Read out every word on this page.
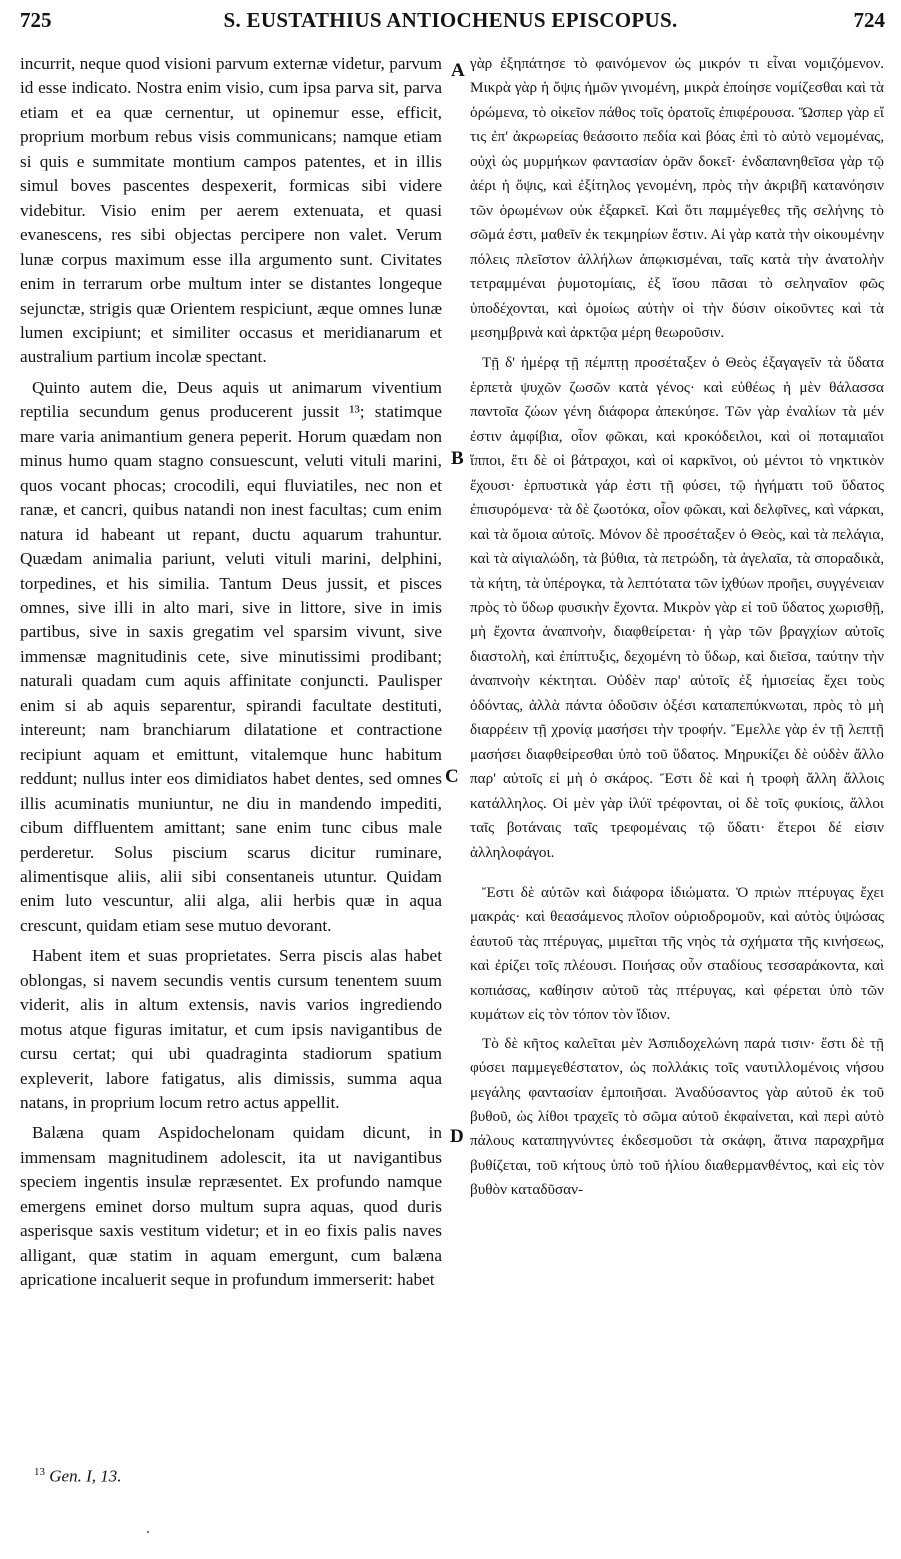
725	S. EUSTATHIUS ANTIOCHENUS EPISCOPUS.	724

incurrit, neque quod visioni parvum externæ videtur, parvum id esse indicato. Nostra enim visio, cum ipsa parva sit, parva etiam et ea quæ cernentur, ut opinemur esse, efficit, proprium morbum rebus visis communicans; namque etiam si quis e summitate montium campos patentes, et in illis simul boves pascentes despexerit, formicas sibi videre videbitur. Visio enim per aerem extenuata, et quasi evanescens, res sibi objectas percipere non valet. Verum lunæ corpus maximum esse illa argumento sunt. Civitates enim in terrarum orbe multum inter se distantes longeque sejunctæ, strigis quæ Orientem respiciunt, æque omnes lunæ lumen excipiunt; et similiter occasus et meridianarum et australium partium incolæ spectant.

Quinto autem die, Deus aquis ut animarum viventium reptilia secundum genus producerent jussit ¹³; statimque mare varia animantium genera peperit. Horum quædam non minus humo quam stagno consuescunt, veluti vituli marini, quos vocant phocas; crocodili, equi fluviatiles, nec non et ranæ, et cancri, quibus natandi non inest facultas; cum enim natura id habeant ut repant, ductu aquarum trahuntur. Quædam animalia pariunt, veluti vituli marini, delphini, torpedines, et his similia. Tantum Deus jussit, et pisces omnes, sive illi in alto mari, sive in littore, sive in imis partibus, sive in saxis gregatim vel sparsim vivunt, sive immensæ magnitudinis cete, sive minutissimi prodibant; naturali quadam cum aquis affinitate conjuncti. Paulisper enim si ab aquis separentur, spirandi facultate destituti, intereunt; nam branchiarum dilatatione et contractione recipiunt aquam et emittunt, vitalemque hunc habitum reddunt; nullus inter eos dimidiatos habet dentes, sed omnes illis acuminatis muniuntur, ne diu in mandendo impediti, cibum diffluentem amittant; sane enim tunc cibus male perderetur. Solus piscium scarus dicitur ruminare, alimentisque aliis, alii sibi consentaneis utuntur. Quidam enim luto vescuntur, alii alga, alii herbis quæ in aqua crescunt, quidam etiam sese mutuo devorant.

Habent item et suas proprietates. Serra piscis alas habet oblongas, si navem secundis ventis cursum tenentem suum viderit, alis in altum extensis, navis varios ingrediendo motus atque figuras imitatur, et cum ipsis navigantibus de cursu certat; qui ubi quadraginta stadiorum spatium expleverit, labore fatigatus, alis dimissis, summa aqua natans, in proprium locum retro actus appellit.

Balæna quam Aspidochelonam quidam dicunt, in immensam magnitudinem adolescit, ita ut navigantibus speciem ingentis insulæ repræsentet. Ex profundo namque emergens eminet dorso multum supra aquas, quod duris asperisque saxis vestitum videtur; et in eo fixis palis naves alligant, quæ statim in aquam emergunt, cum balæna apricatione incaluerit seque in profundum immerserit: habet

A
B
C
D

γὰρ ἐξηπάτησε τὸ φαινόμενον ὡς μικρόν τι εἶναι νομιζόμενον. Μικρὰ γὰρ ἡ ὄψις ἡμῶν γινομένη, μικρὰ ἐποίησε νομίζεσθαι καὶ τὰ ὁρώμενα, τὸ οἰκεῖον πάθος τοῖς ὁρατοῖς ἐπιφέρουσα. Ὥσπερ γὰρ εἴ τις ἐπ' ἀκρωρείας θεάσοιτο πεδία καὶ βόας ἐπὶ τὸ αὐτὸ νεμομένας, οὐχὶ ὡς μυρμήκων φαντασίαν ὁρᾶν δοκεῖ· ἐνδαπανηθεῖσα γὰρ τῷ ἀέρι ἡ ὄψις, καὶ ἐξίτηλος γενομένη, πρὸς τὴν ἀκριβῆ κατανόησιν τῶν ὁρωμένων οὐκ ἐξαρκεῖ. Καὶ ὅτι παμμέγεθες τῆς σελήνης τὸ σῶμά ἐστι, μαθεῖν ἐκ τεκμηρίων ἔστιν. Αἱ γὰρ κατὰ τὴν οἰκουμένην πόλεις πλεῖστον ἀλλήλων ἀπῳκισμέναι, ταῖς κατὰ τὴν ἀνατολὴν τετραμμέναι ῥυμοτομίαις, ἐξ ἴσου πᾶσαι τὸ σεληναῖον φῶς ὑποδέχονται, καὶ ὁμοίως αὐτὴν οἱ τὴν δύσιν οἰκοῦντες καὶ τὰ μεσημβρινὰ καὶ ἀρκτῷα μέρη θεωροῦσιν.

Τῇ δ' ἡμέρᾳ τῇ πέμπτῃ προσέταξεν ὁ Θεὸς ἐξαγαγεῖν τὰ ὕδατα ἑρπετὰ ψυχῶν ζωσῶν κατὰ γένος· καὶ εὐθέως ἡ μὲν θάλασσα παντοῖα ζώων γένη διάφορα ἀπεκύησε. Τῶν γὰρ ἐναλίων τὰ μέν ἐστιν ἀμφίβια, οἷον φῶκαι, καὶ κροκόδειλοι, καὶ οἱ ποταμιαῖοι ἵπποι, ἔτι δὲ οἱ βάτραχοι, καὶ οἱ καρκῖνοι, οὐ μέντοι τὸ νηκτικὸν ἔχουσι· ἑρπυστικὰ γάρ ἐστι τῇ φύσει, τῷ ἡγήματι τοῦ ὕδατος ἐπισυρόμενα· τὰ δὲ ζωοτόκα, οἷον φῶκαι, καὶ δελφῖνες, καὶ νάρκαι, καὶ τὰ ὅμοια αὐτοῖς. Μόνον δὲ προσέταξεν ὁ Θεὸς, καὶ τὰ πελάγια, καὶ τὰ αἰγιαλώδη, τὰ βύθια, τὰ πετρώδη, τὰ ἀγελαῖα, τὰ σποραδικὰ, τὰ κήτη, τὰ ὑπέρογκα, τὰ λεπτότατα τῶν ἰχθύων προῆει, συγγένειαν πρὸς τὸ ὕδωρ φυσικὴν ἔχοντα. Μικρὸν γὰρ εἰ τοῦ ὕδατος χωρισθῇ, μὴ ἔχοντα ἀναπνοὴν, διαφθείρεται· ἡ γὰρ τῶν βραγχίων αὐτοῖς διαστολὴ, καὶ ἐπίπτυξις, δεχομένη τὸ ὕδωρ, καὶ διεῖσα, ταύτην τὴν ἀναπνοὴν κέκτηται. Οὐδὲν παρ' αὐτοῖς ἐξ ἡμισείας ἔχει τοὺς ὀδόντας, ἀλλὰ πάντα ὀδοῦσιν ὀξέσι καταπεπύκνωται, πρὸς τὸ μὴ διαρρέειν τῇ χρονίᾳ μασήσει τὴν τροφήν. Ἔμελλε γὰρ ἐν τῇ λεπτῇ μασήσει διαφθείρεσθαι ὑπὸ τοῦ ὕδατος. Μηρυκίζει δὲ οὐδὲν ἄλλο παρ' αὐτοῖς εἰ μὴ ὁ σκάρος. Ἔστι δὲ καὶ ἡ τροφὴ ἄλλη ἄλλοις κατάλληλος. Οἱ μὲν γὰρ ἰλύϊ τρέφονται, οἱ δὲ τοῖς φυκίοις, ἄλλοι ταῖς βοτάναις ταῖς τρεφομέναις τῷ ὕδατι· ἕτεροι δέ εἰσιν ἀλληλοφάγοι.

Ἔστι δὲ αὐτῶν καὶ διάφορα ἰδιώματα. Ὁ πριὼν πτέρυγας ἔχει μακράς· καὶ θεασάμενος πλοῖον οὐριοδρομοῦν, καὶ αὐτὸς ὑψώσας ἑαυτοῦ τὰς πτέρυγας, μιμεῖται τῆς νηὸς τὰ σχήματα τῆς κινήσεως, καὶ ἐρίζει τοῖς πλέουσι. Ποιήσας οὖν σταδίους τεσσαράκοντα, καὶ κοπιάσας, καθίησιν αὐτοῦ τὰς πτέρυγας, καὶ φέρεται ὑπὸ τῶν κυμάτων εἰς τὸν τόπον τὸν ἴδιον.

Τὸ δὲ κῆτος καλεῖται μὲν Ἀσπιδοχελώνη παρά τισιν· ἔστι δὲ τῇ φύσει παμμεγεθέστατον, ὡς πολλάκις τοῖς ναυτιλλομένοις νήσου μεγάλης φαντασίαν ἐμποιῆσαι. Ἀναδύσαντος γὰρ αὐτοῦ ἐκ τοῦ βυθοῦ, ὡς λίθοι τραχεῖς τὸ σῶμα αὐτοῦ ἐκφαίνεται, καὶ περὶ αὐτὸ πάλους καταπηγνύντες ἐκδεσμοῦσι τὰ σκάφη, ἅτινα παραχρῆμα βυθίζεται, τοῦ κήτους ὑπὸ τοῦ ἡλίου διαθερμανθέντος, καὶ εἰς τὸν βυθὸν καταδῦσαν-

$^{13}$ Gen. I, 13.
